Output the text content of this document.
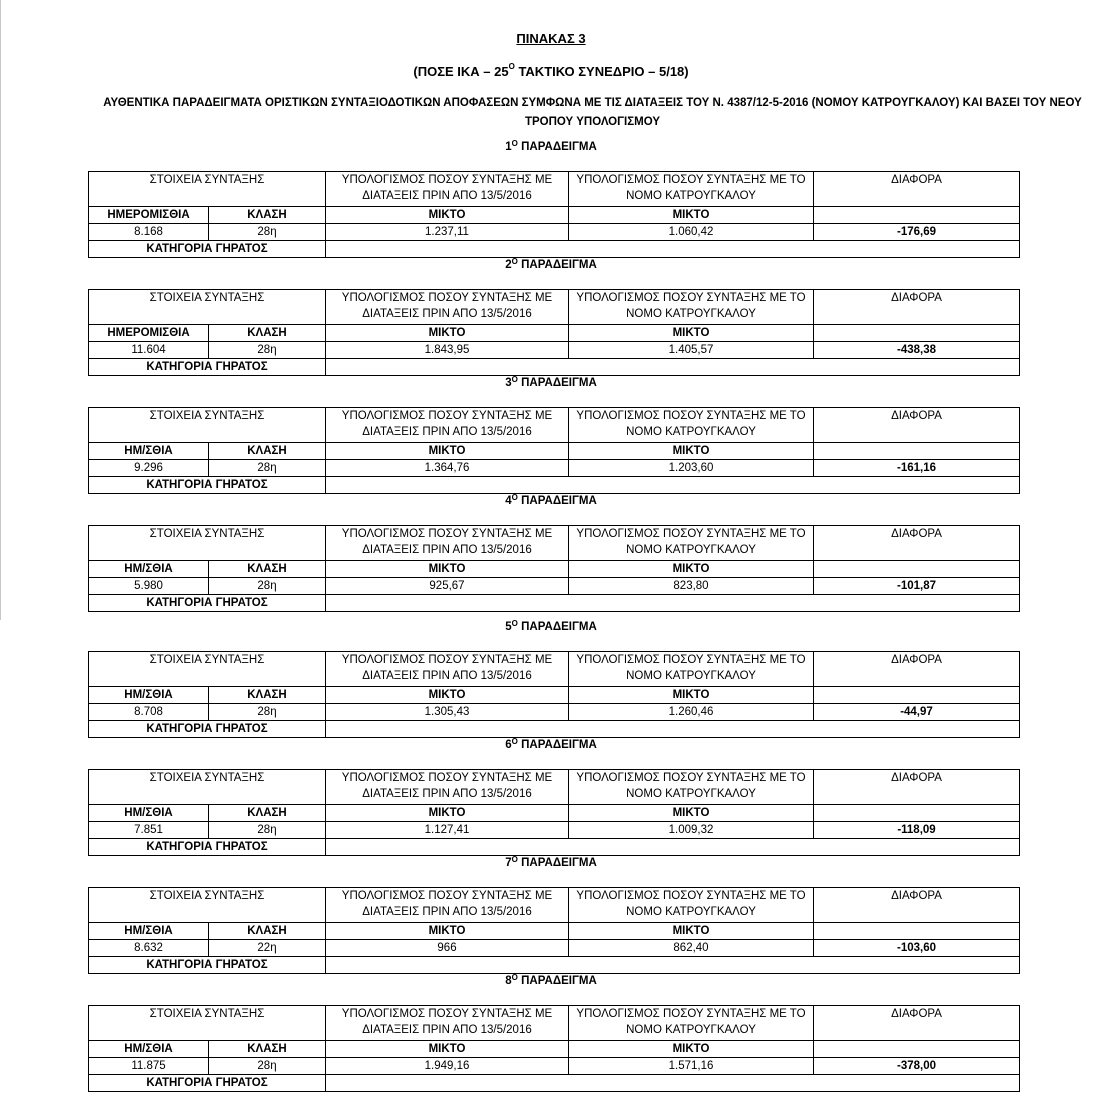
ΠΙΝΑΚΑΣ 3
(ΠΟΣΕ ΙΚΑ – $25^O$ ΤΑΚΤΙΚΟ ΣΥΝΕΔΡΙΟ – 5/18)
ΑΥΘΕΝΤΙΚΑ ΠΑΡΑΔΕΙΓΜΑΤΑ ΟΡΙΣΤΙΚΩΝ ΣΥΝΤΑΞΙΟΔΟΤΙΚΩΝ ΑΠΟΦΑΣΕΩΝ ΣΥΜΦΩΝΑ ΜΕ ΤΙΣ ΔΙΑΤΑΞΕΙΣ ΤΟΥ Ν. 4387/12-5-2016 (ΝΟΜΟΥ ΚΑΤΡΟΥΓΚΑΛΟΥ) ΚΑΙ ΒΑΣΕΙ ΤΟΥ ΝΕΟΥ ΤΡΟΠΟΥ ΥΠΟΛΟΓΙΣΜΟΥ
$1^O$ ΠΑΡΑΔΕΙΓΜΑ
ΣΤΟΙΧΕΙΑ ΣΥΝΤΑΞΗΣ		ΥΠΟΛΟΓΙΣΜΟΣ ΠΟΣΟΥ ΣΥΝΤΑΞΗΣ ΜΕ ΔΙΑΤΑΞΕΙΣ ΠΡΙΝ ΑΠΟ 13/5/2016	ΥΠΟΛΟΓΙΣΜΟΣ ΠΟΣΟΥ ΣΥΝΤΑΞΗΣ ΜΕ ΤΟ ΝΟΜΟ ΚΑΤΡΟΥΓΚΑΛΟΥ	ΔΙΑΦΟΡΑ
ΗΜΕΡΟΜΙΣΘΙΑ	ΚΛΑΣΗ	ΜΙΚΤΟ	ΜΙΚΤΟ	
8.168	28η	1.237,11	1.060,42	-176,69
ΚΑΤΗΓΟΡΙΑ ΓΗΡΑΤΟΣ				
$2^O$ ΠΑΡΑΔΕΙΓΜΑ
ΣΤΟΙΧΕΙΑ ΣΥΝΤΑΞΗΣ		ΥΠΟΛΟΓΙΣΜΟΣ ΠΟΣΟΥ ΣΥΝΤΑΞΗΣ ΜΕ ΔΙΑΤΑΞΕΙΣ ΠΡΙΝ ΑΠΟ 13/5/2016	ΥΠΟΛΟΓΙΣΜΟΣ ΠΟΣΟΥ ΣΥΝΤΑΞΗΣ ΜΕ ΤΟ ΝΟΜΟ ΚΑΤΡΟΥΓΚΑΛΟΥ	ΔΙΑΦΟΡΑ
ΗΜΕΡΟΜΙΣΘΙΑ	ΚΛΑΣΗ	ΜΙΚΤΟ	ΜΙΚΤΟ	
11.604	28η	1.843,95	1.405,57	-438,38
ΚΑΤΗΓΟΡΙΑ ΓΗΡΑΤΟΣ				
$3^O$ ΠΑΡΑΔΕΙΓΜΑ
ΣΤΟΙΧΕΙΑ ΣΥΝΤΑΞΗΣ		ΥΠΟΛΟΓΙΣΜΟΣ ΠΟΣΟΥ ΣΥΝΤΑΞΗΣ ΜΕ ΔΙΑΤΑΞΕΙΣ ΠΡΙΝ ΑΠΟ 13/5/2016	ΥΠΟΛΟΓΙΣΜΟΣ ΠΟΣΟΥ ΣΥΝΤΑΞΗΣ ΜΕ ΤΟ ΝΟΜΟ ΚΑΤΡΟΥΓΚΑΛΟΥ	ΔΙΑΦΟΡΑ
ΗΜ/ΣΘΙΑ	ΚΛΑΣΗ	ΜΙΚΤΟ	ΜΙΚΤΟ	
9.296	28η	1.364,76	1.203,60	-161,16
ΚΑΤΗΓΟΡΙΑ ΓΗΡΑΤΟΣ				
$4^O$ ΠΑΡΑΔΕΙΓΜΑ
ΣΤΟΙΧΕΙΑ ΣΥΝΤΑΞΗΣ		ΥΠΟΛΟΓΙΣΜΟΣ ΠΟΣΟΥ ΣΥΝΤΑΞΗΣ ΜΕ ΔΙΑΤΑΞΕΙΣ ΠΡΙΝ ΑΠΟ 13/5/2016	ΥΠΟΛΟΓΙΣΜΟΣ ΠΟΣΟΥ ΣΥΝΤΑΞΗΣ ΜΕ ΤΟ ΝΟΜΟ ΚΑΤΡΟΥΓΚΑΛΟΥ	ΔΙΑΦΟΡΑ
ΗΜ/ΣΘΙΑ	ΚΛΑΣΗ	ΜΙΚΤΟ	ΜΙΚΤΟ	
5.980	28η	925,67	823,80	-101,87
ΚΑΤΗΓΟΡΙΑ ΓΗΡΑΤΟΣ				
$5^O$ ΠΑΡΑΔΕΙΓΜΑ
ΣΤΟΙΧΕΙΑ ΣΥΝΤΑΞΗΣ		ΥΠΟΛΟΓΙΣΜΟΣ ΠΟΣΟΥ ΣΥΝΤΑΞΗΣ ΜΕ ΔΙΑΤΑΞΕΙΣ ΠΡΙΝ ΑΠΟ 13/5/2016	ΥΠΟΛΟΓΙΣΜΟΣ ΠΟΣΟΥ ΣΥΝΤΑΞΗΣ ΜΕ ΤΟ ΝΟΜΟ ΚΑΤΡΟΥΓΚΑΛΟΥ	ΔΙΑΦΟΡΑ
ΗΜ/ΣΘΙΑ	ΚΛΑΣΗ	ΜΙΚΤΟ	ΜΙΚΤΟ	
8.708	28η	1.305,43	1.260,46	-44,97
ΚΑΤΗΓΟΡΙΑ ΓΗΡΑΤΟΣ				
$6^O$ ΠΑΡΑΔΕΙΓΜΑ
ΣΤΟΙΧΕΙΑ ΣΥΝΤΑΞΗΣ		ΥΠΟΛΟΓΙΣΜΟΣ ΠΟΣΟΥ ΣΥΝΤΑΞΗΣ ΜΕ ΔΙΑΤΑΞΕΙΣ ΠΡΙΝ ΑΠΟ 13/5/2016	ΥΠΟΛΟΓΙΣΜΟΣ ΠΟΣΟΥ ΣΥΝΤΑΞΗΣ ΜΕ ΤΟ ΝΟΜΟ ΚΑΤΡΟΥΓΚΑΛΟΥ	ΔΙΑΦΟΡΑ
ΗΜ/ΣΘΙΑ	ΚΛΑΣΗ	ΜΙΚΤΟ	ΜΙΚΤΟ	
7.851	28η	1.127,41	1.009,32	-118,09
ΚΑΤΗΓΟΡΙΑ ΓΗΡΑΤΟΣ				
$7^O$ ΠΑΡΑΔΕΙΓΜΑ
ΣΤΟΙΧΕΙΑ ΣΥΝΤΑΞΗΣ		ΥΠΟΛΟΓΙΣΜΟΣ ΠΟΣΟΥ ΣΥΝΤΑΞΗΣ ΜΕ ΔΙΑΤΑΞΕΙΣ ΠΡΙΝ ΑΠΟ 13/5/2016	ΥΠΟΛΟΓΙΣΜΟΣ ΠΟΣΟΥ ΣΥΝΤΑΞΗΣ ΜΕ ΤΟ ΝΟΜΟ ΚΑΤΡΟΥΓΚΑΛΟΥ	ΔΙΑΦΟΡΑ
ΗΜ/ΣΘΙΑ	ΚΛΑΣΗ	ΜΙΚΤΟ	ΜΙΚΤΟ	
8.632	22η	966	862,40	-103,60
ΚΑΤΗΓΟΡΙΑ ΓΗΡΑΤΟΣ				
$8^O$ ΠΑΡΑΔΕΙΓΜΑ
ΣΤΟΙΧΕΙΑ ΣΥΝΤΑΞΗΣ		ΥΠΟΛΟΓΙΣΜΟΣ ΠΟΣΟΥ ΣΥΝΤΑΞΗΣ ΜΕ ΔΙΑΤΑΞΕΙΣ ΠΡΙΝ ΑΠΟ 13/5/2016	ΥΠΟΛΟΓΙΣΜΟΣ ΠΟΣΟΥ ΣΥΝΤΑΞΗΣ ΜΕ ΤΟ ΝΟΜΟ ΚΑΤΡΟΥΓΚΑΛΟΥ	ΔΙΑΦΟΡΑ
ΗΜ/ΣΘΙΑ	ΚΛΑΣΗ	ΜΙΚΤΟ	ΜΙΚΤΟ	
11.875	28η	1.949,16	1.571,16	-378,00
ΚΑΤΗΓΟΡΙΑ ΓΗΡΑΤΟΣ				
